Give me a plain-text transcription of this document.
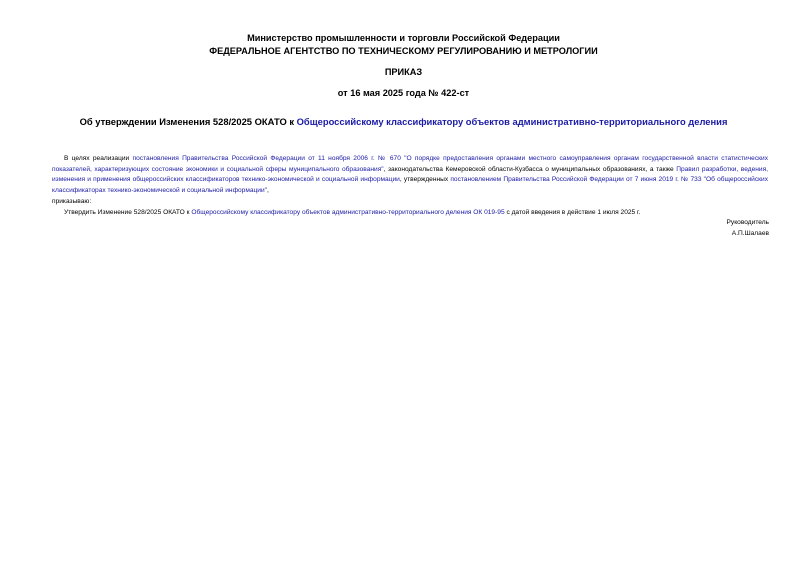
Министерство промышленности и торговли Российской Федерации
ФЕДЕРАЛЬНОЕ АГЕНТСТВО ПО ТЕХНИЧЕСКОМУ РЕГУЛИРОВАНИЮ И МЕТРОЛОГИИ
ПРИКАЗ
от 16 мая 2025 года № 422-ст
Об утверждении Изменения 528/2025 ОКАТО к Общероссийскому классификатору объектов административно-территориального деления
В целях реализации постановления Правительства Российской Федерации от 11 ноября 2006 г. № 670 "О порядке предоставления органами местного самоуправления органам государственной власти статистических показателей, характеризующих состояние экономики и социальной сферы муниципального образования", законодательства Кемеровской области-Кузбасса о муниципальных образованиях, а также Правил разработки, ведения, изменения и применения общероссийских классификаторов технико-экономической и социальной информации, утвержденных постановлением Правительства Российской Федерации от 7 июня 2019 г. № 733 "Об общероссийских классификаторах технико-экономической и социальной информации",
приказываю:
Утвердить Изменение 528/2025 ОКАТО к Общероссийскому классификатору объектов административно-территориального деления ОК 019-95 с датой введения в действие 1 июля 2025 г.
Руководитель
А.П.Шалаев
